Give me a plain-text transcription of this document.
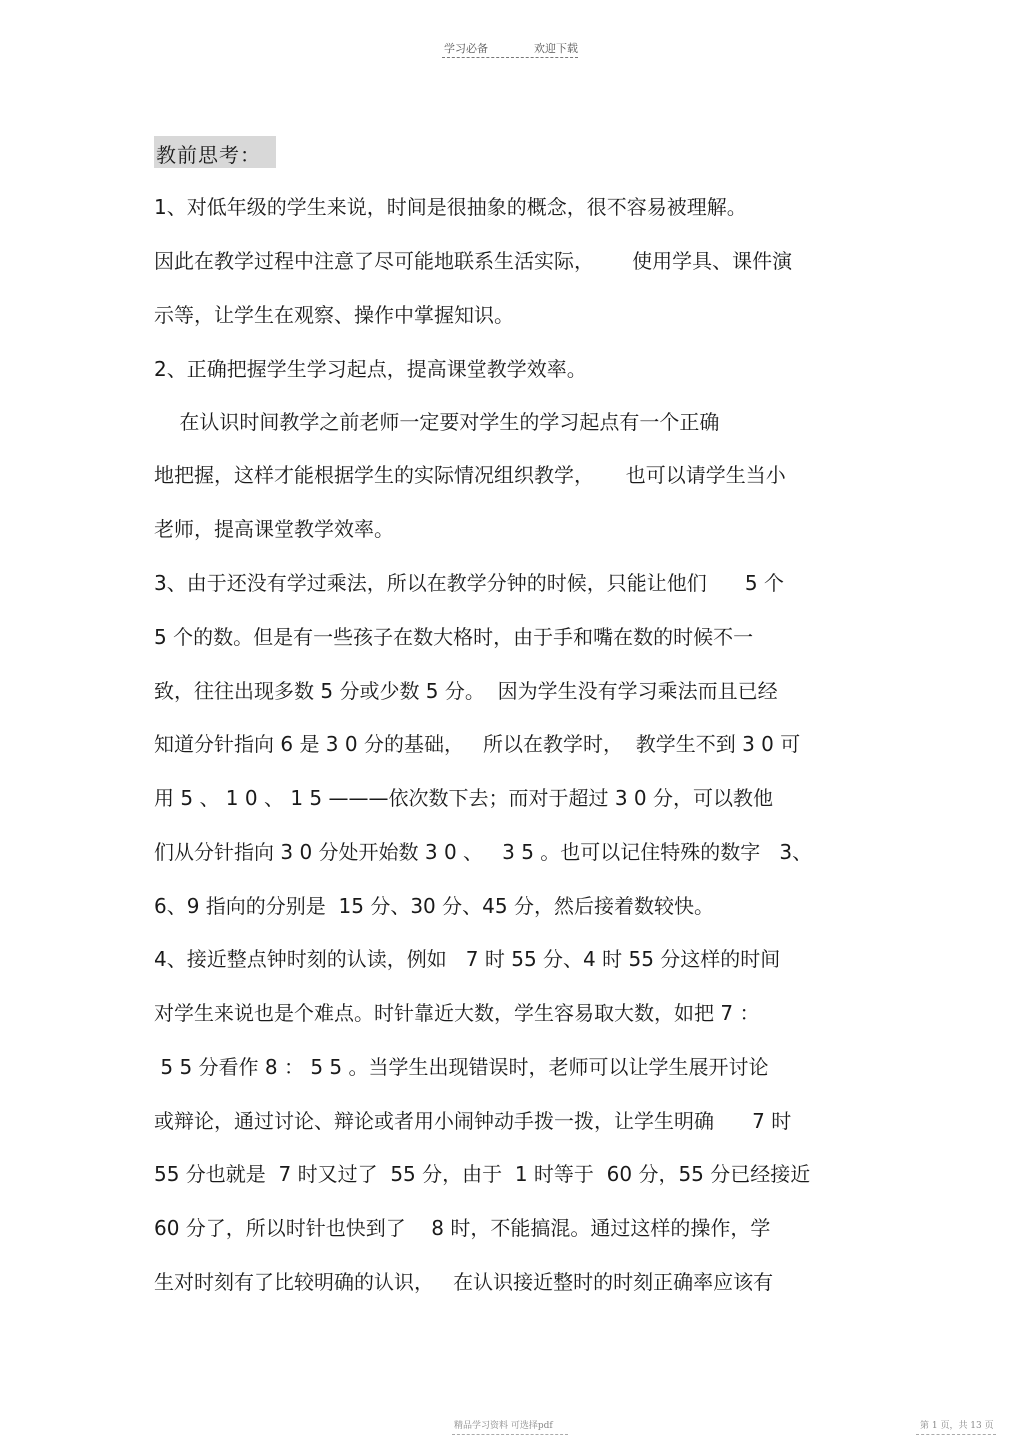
学习必备	欢迎下载
教前思考：
1、对低年级的学生来说，时间是很抽象的概念，很不容易被理解。
因此在教学过程中注意了尽可能地联系生活实际，      使用学具、课件演
示等，让学生在观察、操作中掌握知识。
2、正确把握学生学习起点，提高课堂教学效率。
在认识时间教学之前老师一定要对学生的学习起点有一个正确
地把握，这样才能根据学生的实际情况组织教学，     也可以请学生当小
老师，提高课堂教学效率。
3、由于还没有学过乘法，所以在教学分钟的时候，只能让他们      5 个
5 个的数。但是有一些孩子在数大格时，由于手和嘴在数的时候不一
致，往往出现多数 5 分或少数 5 分。  因为学生没有学习乘法而且已经
知道分针指向 6 是 3 0 分的基础，   所以在教学时，  教学生不到 3 0 可
用 5 、 1 0 、 1 5 ———依次数下去；而对于超过 3 0 分，可以教他
们从分针指向 3 0 分处开始数 3 0 、   3 5 。也可以记住特殊的数字   3、
6、9 指向的分别是  15 分、30 分、45 分，然后接着数较快。
4、接近整点钟时刻的认读，例如   7 时 55 分、4 时 55 分这样的时间
对学生来说也是个难点。时针靠近大数，学生容易取大数，如把 7 ：
5 5 分看作 8 ： 5 5 。当学生出现错误时，老师可以让学生展开讨论
或辩论，通过讨论、辩论或者用小闹钟动手拨一拨，让学生明确      7 时
55 分也就是  7 时又过了  55 分，由于  1 时等于  60 分，55 分已经接近
60 分了，所以时针也快到了    8 时，不能搞混。通过这样的操作，学
生对时刻有了比较明确的认识，   在认识接近整时的时刻正确率应该有
精品学习资料 可选择pdf	第 1 页，共 13 页
